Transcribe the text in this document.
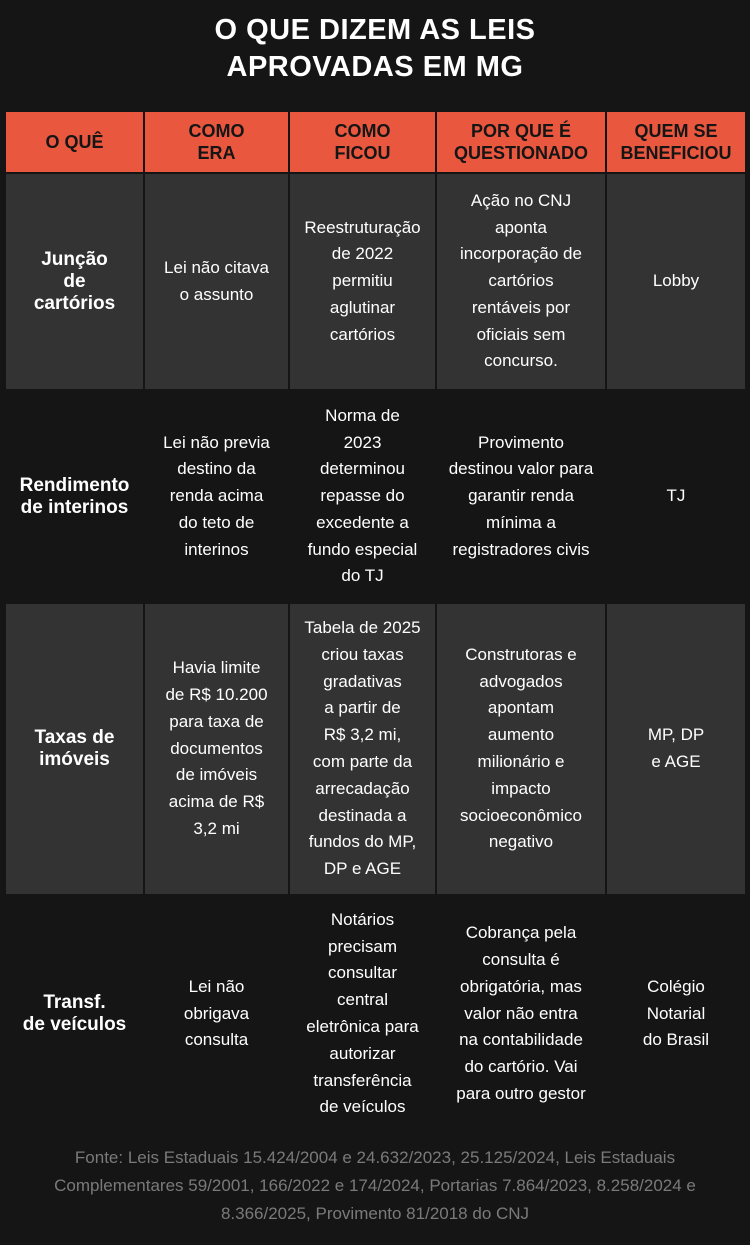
O QUE DIZEM AS LEIS
APROVADAS EM MG
O QUÊ
COMO
ERA
COMO
FICOU
POR QUE É
QUESTIONADO
QUEM SE
BENEFICIOU
Junção
de
cartórios
Lei não citava
o assunto
Reestruturação
de 2022
permitiu
aglutinar
cartórios
Ação no CNJ
aponta
incorporação de
cartórios
rentáveis por
oficiais sem
concurso.
Lobby
Rendimento
de interinos
Lei não previa
destino da
renda acima
do teto de
interinos
Norma de
2023
determinou
repasse do
excedente a
fundo especial
do TJ
Provimento
destinou valor para
garantir renda
mínima a
registradores civis
TJ
Taxas de
imóveis
Havia limite
de R$ 10.200
para taxa de
documentos
de imóveis
acima de R$
3,2 mi
Tabela de 2025
criou taxas
gradativas
a partir de
R$ 3,2 mi,
com parte da
arrecadação
destinada a
fundos do MP,
DP e AGE
Construtoras e
advogados
apontam
aumento
milionário e
impacto
socioeconômico
negativo
MP, DP
e AGE
Transf.
de veículos
Lei não
obrigava
consulta
Notários
precisam
consultar
central
eletrônica para
autorizar
transferência
de veículos
Cobrança pela
consulta é
obrigatória, mas
valor não entra
na contabilidade
do cartório. Vai
para outro gestor
Colégio
Notarial
do Brasil
Fonte: Leis Estaduais 15.424/2004 e 24.632/2023, 25.125/2024, Leis Estaduais Complementares 59/2001, 166/2022 e 174/2024, Portarias 7.864/2023, 8.258/2024 e 8.366/2025, Provimento 81/2018 do CNJ
